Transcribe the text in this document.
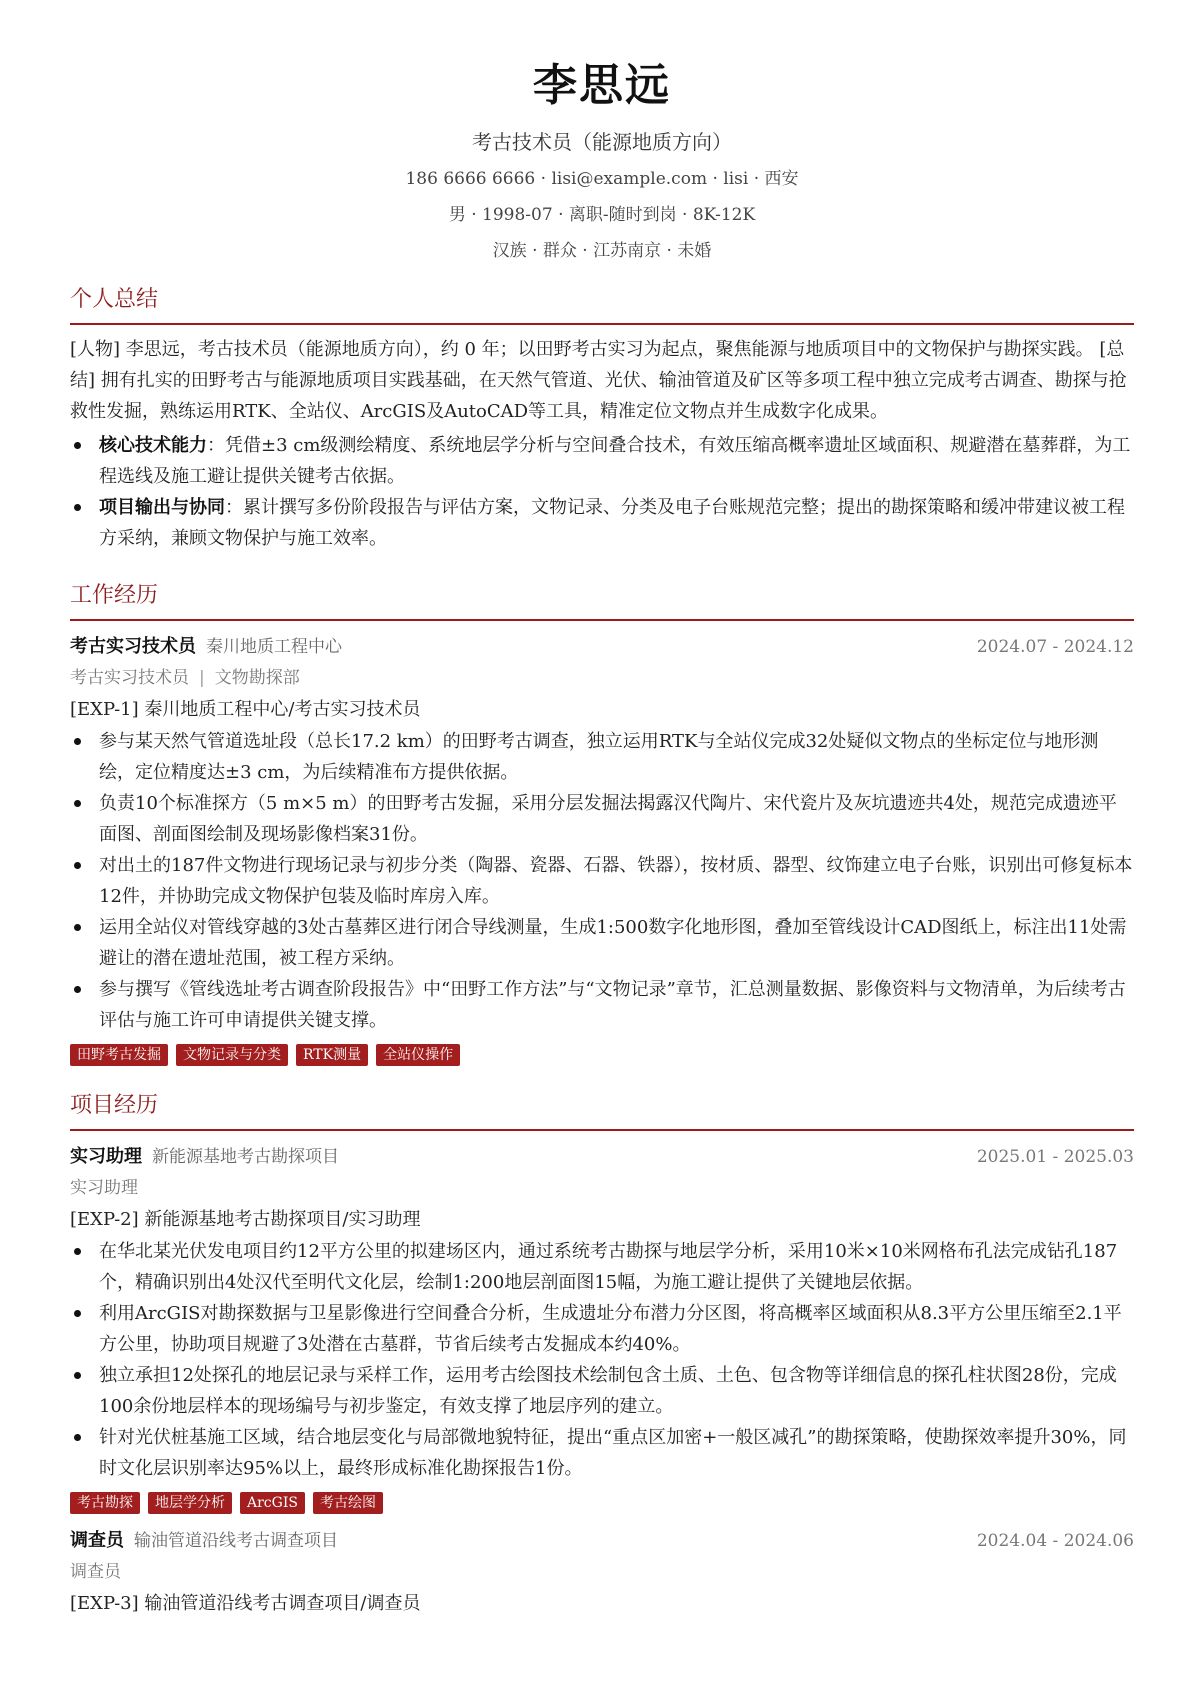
李思远
考古技术员（能源地质方向）
186 6666 6666 · lisi@example.com · lisi · 西安
男 · 1998-07 · 离职-随时到岗 · 8K-12K
汉族 · 群众 · 江苏南京 · 未婚
个人总结
[人物] 李思远，考古技术员（能源地质方向），约 0 年；以田野考古实习为起点，聚焦能源与地质项目中的文物保护与勘探实践。 [总结] 拥有扎实的田野考古与能源地质项目实践基础，在天然气管道、光伏、输油管道及矿区等多项工程中独立完成考古调查、勘探与抢救性发掘，熟练运用RTK、全站仪、ArcGIS及AutoCAD等工具，精准定位文物点并生成数字化成果。
核心技术能力：凭借±3 cm级测绘精度、系统地层学分析与空间叠合技术，有效压缩高概率遗址区域面积、规避潜在墓葬群，为工程选线及施工避让提供关键考古依据。
项目输出与协同：累计撰写多份阶段报告与评估方案，文物记录、分类及电子台账规范完整；提出的勘探策略和缓冲带建议被工程方采纳，兼顾文物保护与施工效率。
工作经历
考古实习技术员 秦川地质工程中心	2024.07 - 2024.12
考古实习技术员 | 文物勘探部
[EXP-1] 秦川地质工程中心/考古实习技术员
参与某天然气管道选址段（总长17.2 km）的田野考古调查，独立运用RTK与全站仪完成32处疑似文物点的坐标定位与地形测绘，定位精度达±3 cm，为后续精准布方提供依据。
负责10个标准探方（5 m×5 m）的田野考古发掘，采用分层发掘法揭露汉代陶片、宋代瓷片及灰坑遗迹共4处，规范完成遗迹平面图、剖面图绘制及现场影像档案31份。
对出土的187件文物进行现场记录与初步分类（陶器、瓷器、石器、铁器），按材质、器型、纹饰建立电子台账，识别出可修复标本12件，并协助完成文物保护包装及临时库房入库。
运用全站仪对管线穿越的3处古墓葬区进行闭合导线测量，生成1:500数字化地形图，叠加至管线设计CAD图纸上，标注出11处需避让的潜在遗址范围，被工程方采纳。
参与撰写《管线选址考古调查阶段报告》中“田野工作方法”与“文物记录”章节，汇总测量数据、影像资料与文物清单，为后续考古评估与施工许可申请提供关键支撑。
田野考古发掘	文物记录与分类	RTK测量	全站仪操作
项目经历
实习助理 新能源基地考古勘探项目	2025.01 - 2025.03
实习助理
[EXP-2] 新能源基地考古勘探项目/实习助理
在华北某光伏发电项目约12平方公里的拟建场区内，通过系统考古勘探与地层学分析，采用10米×10米网格布孔法完成钻孔187个，精确识别出4处汉代至明代文化层，绘制1:200地层剖面图15幅，为施工避让提供了关键地层依据。
利用ArcGIS对勘探数据与卫星影像进行空间叠合分析，生成遗址分布潜力分区图，将高概率区域面积从8.3平方公里压缩至2.1平方公里，协助项目规避了3处潜在古墓群，节省后续考古发掘成本约40%。
独立承担12处探孔的地层记录与采样工作，运用考古绘图技术绘制包含土质、土色、包含物等详细信息的探孔柱状图28份，完成100余份地层样本的现场编号与初步鉴定，有效支撑了地层序列的建立。
针对光伏桩基施工区域，结合地层变化与局部微地貌特征，提出“重点区加密+一般区减孔”的勘探策略，使勘探效率提升30%，同时文化层识别率达95%以上，最终形成标准化勘探报告1份。
考古勘探	地层学分析	ArcGIS	考古绘图
调查员 输油管道沿线考古调查项目	2024.04 - 2024.06
调查员
[EXP-3] 输油管道沿线考古调查项目/调查员
